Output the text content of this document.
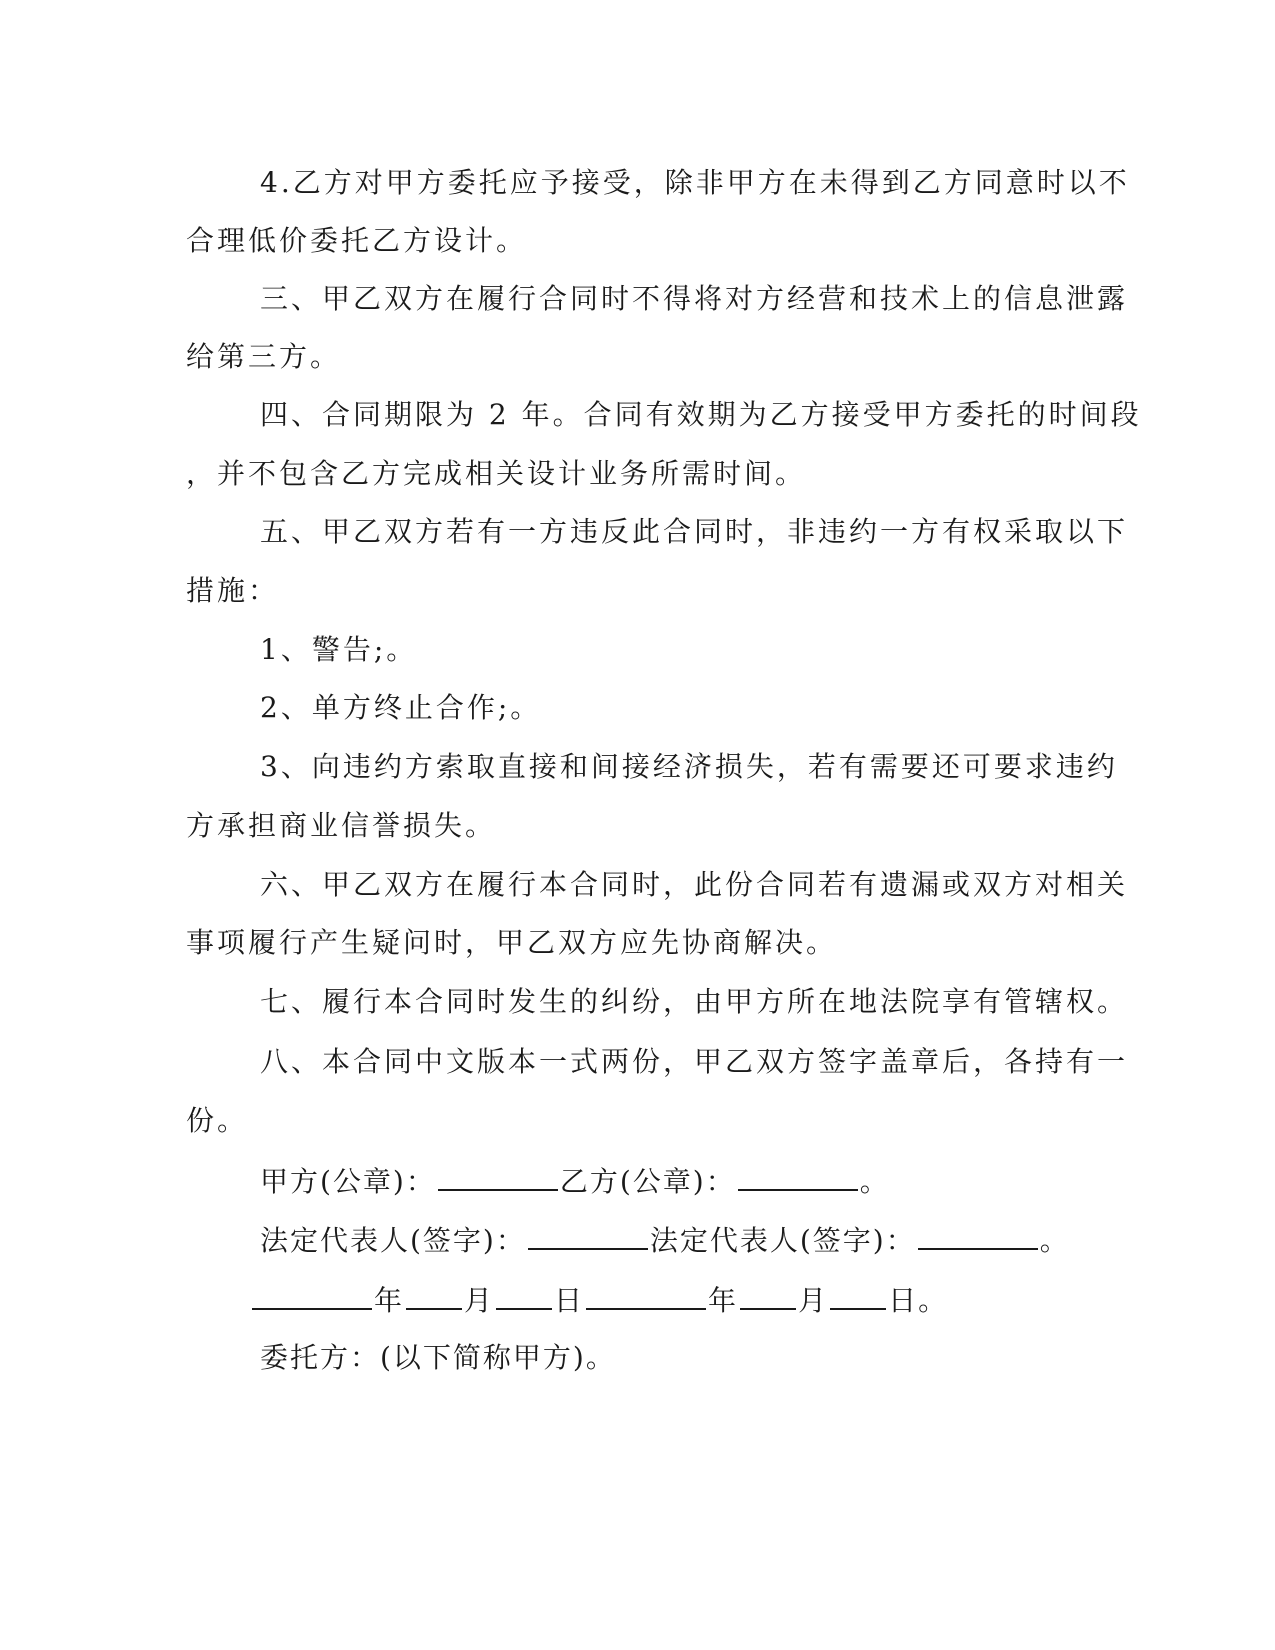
4.乙方对甲方委托应予接受，除非甲方在未得到乙方同意时以不
合理低价委托乙方设计。
三、甲乙双方在履行合同时不得将对方经营和技术上的信息泄露
给第三方。
四、合同期限为 2 年。合同有效期为乙方接受甲方委托的时间段
，并不包含乙方完成相关设计业务所需时间。
五、甲乙双方若有一方违反此合同时，非违约一方有权采取以下
措施：
1、警告;。
2、单方终止合作;。
3、向违约方索取直接和间接经济损失，若有需要还可要求违约
方承担商业信誉损失。
六、甲乙双方在履行本合同时，此份合同若有遗漏或双方对相关
事项履行产生疑问时，甲乙双方应先协商解决。
七、履行本合同时发生的纠纷，由甲方所在地法院享有管辖权。
八、本合同中文版本一式两份，甲乙双方签字盖章后，各持有一
份。
甲方(公章)：	乙方(公章)：	。
法定代表人(签字)：	法定代表人(签字)：	。
年 月 日	年 月 日。
委托方：(以下简称甲方)。
